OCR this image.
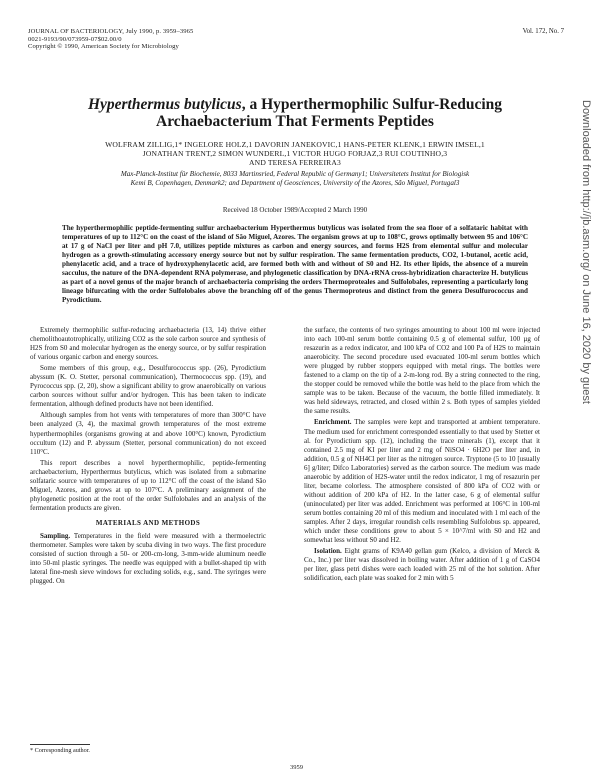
JOURNAL OF BACTERIOLOGY, July 1990, p. 3959–3965
0021-9193/90/073959-07$02.00/0
Copyright © 1990, American Society for Microbiology
Vol. 172, No. 7
Downloaded from http://jb.asm.org/ on June 16, 2020 by guest
Hyperthermus butylicus, a Hyperthermophilic Sulfur-Reducing
Archaebacterium That Ferments Peptides
WOLFRAM ZILLIG,1* INGELORE HOLZ,1 DAVORIN JANEKOVIC,1 HANS-PETER KLENK,1 ERWIN IMSEL,1
JONATHAN TRENT,2 SIMON WUNDERL,1 VICTOR HUGO FORJAZ,3 RUI COUTINHO,3
AND TERESA FERREIRA3
Max-Planck-Institut für Biochemie, 8033 Martinsried, Federal Republic of Germany1; Universitetets Institut for Biologisk
Kemi B, Copenhagen, Denmark2; and Department of Geosciences, University of the Azores, São Miguel, Portugal3
Received 18 October 1989/Accepted 2 March 1990
The hyperthermophilic peptide-fermenting sulfur archaebacterium Hyperthermus butylicus was isolated from the sea floor of a solfataric habitat with temperatures of up to 112°C on the coast of the island of São Miguel, Azores. The organism grows at up to 108°C, grows optimally between 95 and 106°C at 17 g of NaCl per liter and pH 7.0, utilizes peptide mixtures as carbon and energy sources, and forms H2S from elemental sulfur and molecular hydrogen as a growth-stimulating accessory energy source but not by sulfur respiration. The same fermentation products, CO2, 1-butanol, acetic acid, phenylacetic acid, and a trace of hydroxyphenylacetic acid, are formed both with and without of S0 and H2. Its ether lipids, the absence of a murein sacculus, the nature of the DNA-dependent RNA polymerase, and phylogenetic classification by DNA-rRNA cross-hybridization characterize H. butylicus as part of a novel genus of the major branch of archaebacteria comprising the orders Thermoproteales and Sulfolobales, representing a particularly long lineage bifurcating with the order Sulfolobales above the branching off of the genus Thermoproteus and distinct from the genera Desulfurococcus and Pyrodictium.

Extremely thermophilic sulfur-reducing archaebacteria (13, 14) thrive either chemolithoautotrophically, utilizing CO2 as the sole carbon source and synthesis of H2S from S0 and molecular hydrogen as the energy source, or by sulfur respiration of various organic carbon and energy sources.

Some members of this group, e.g., Desulfurococcus spp. (26), Pyrodictium abyssum (K. O. Stetter, personal communication), Thermococcus spp. (19), and Pyrococcus spp. (2, 20), show a significant ability to grow anaerobically on various carbon sources without sulfur and/or hydrogen. This has been taken to indicate fermentation, although defined products have not been identified.

Although samples from hot vents with temperatures of more than 300°C have been analyzed (3, 4), the maximal growth temperatures of the most extreme hyperthermophiles (organisms growing at and above 100°C) known, Pyrodictium occultum (12) and P. abyssum (Stetter, personal communication) do not exceed 110°C.

This report describes a novel hyperthermophilic, peptide-fermenting archaebacterium, Hyperthermus butylicus, which was isolated from a submarine solfataric source with temperatures of up to 112°C off the coast of the island São Miguel, Azores, and grows at up to 107°C. A preliminary assignment of the phylogenetic position at the root of the order Sulfolobales and an analysis of the fermentation products are given.

MATERIALS AND METHODS

Sampling. Temperatures in the field were measured with a thermoelectric thermometer. Samples were taken by scuba diving in two ways. The first procedure consisted of suction through a 50- or 200-cm-long, 3-mm-wide aluminum needle into 50-ml plastic syringes. The needle was equipped with a bullet-shaped tip with lateral fine-mesh sieve windows for excluding solids, e.g., sand. The syringes were plugged. On

the surface, the contents of two syringes amounting to about 100 ml were injected into each 100-ml serum bottle containing 0.5 g of elemental sulfur, 100 µg of resazurin as a redox indicator, and 100 kPa of CO2 and 100 Pa of H2S to maintain anaerobicity. The second procedure used evacuated 100-ml serum bottles which were plugged by rubber stoppers equipped with metal rings. The bottles were fastened to a clamp on the tip of a 2-m-long rod. By a string connected to the ring, the stopper could be removed while the bottle was held to the place from which the sample was to be taken. Because of the vacuum, the bottle filled immediately. It was held sideways, retracted, and closed within 2 s. Both types of samples yielded the same results.

Enrichment. The samples were kept and transported at ambient temperature. The medium used for enrichment corresponded essentially to that used by Stetter et al. for Pyrodictium spp. (12), including the trace minerals (1), except that it contained 2.5 mg of KI per liter and 2 mg of NiSO4 · 6H2O per liter and, in addition, 0.5 g of NH4Cl per liter as the nitrogen source. Tryptone (5 to 10 [usually 6] g/liter; Difco Laboratories) served as the carbon source. The medium was made anaerobic by addition of H2S-water until the redox indicator, 1 mg of resazurin per liter, became colorless. The atmosphere consisted of 800 kPa of CO2 with or without addition of 200 kPa of H2. In the latter case, 6 g of elemental sulfur (uninoculated) per liter was added. Enrichment was performed at 106°C in 100-ml serum bottles containing 20 ml of this medium and inoculated with 1 ml each of the samples. After 2 days, irregular roundish cells resembling Sulfolobus sp. appeared, which under these conditions grew to about 5 × 10^7/ml with S0 and H2 and somewhat less without S0 and H2.

Isolation. Eight grams of K9A40 gellan gum (Kelco, a division of Merck & Co., Inc.) per liter was dissolved in boiling water. After addition of 1 g of CaSO4 per liter, glass petri dishes were each loaded with 25 ml of the hot solution. After solidification, each plate was soaked for 2 min with 5

* Corresponding author.
3959
